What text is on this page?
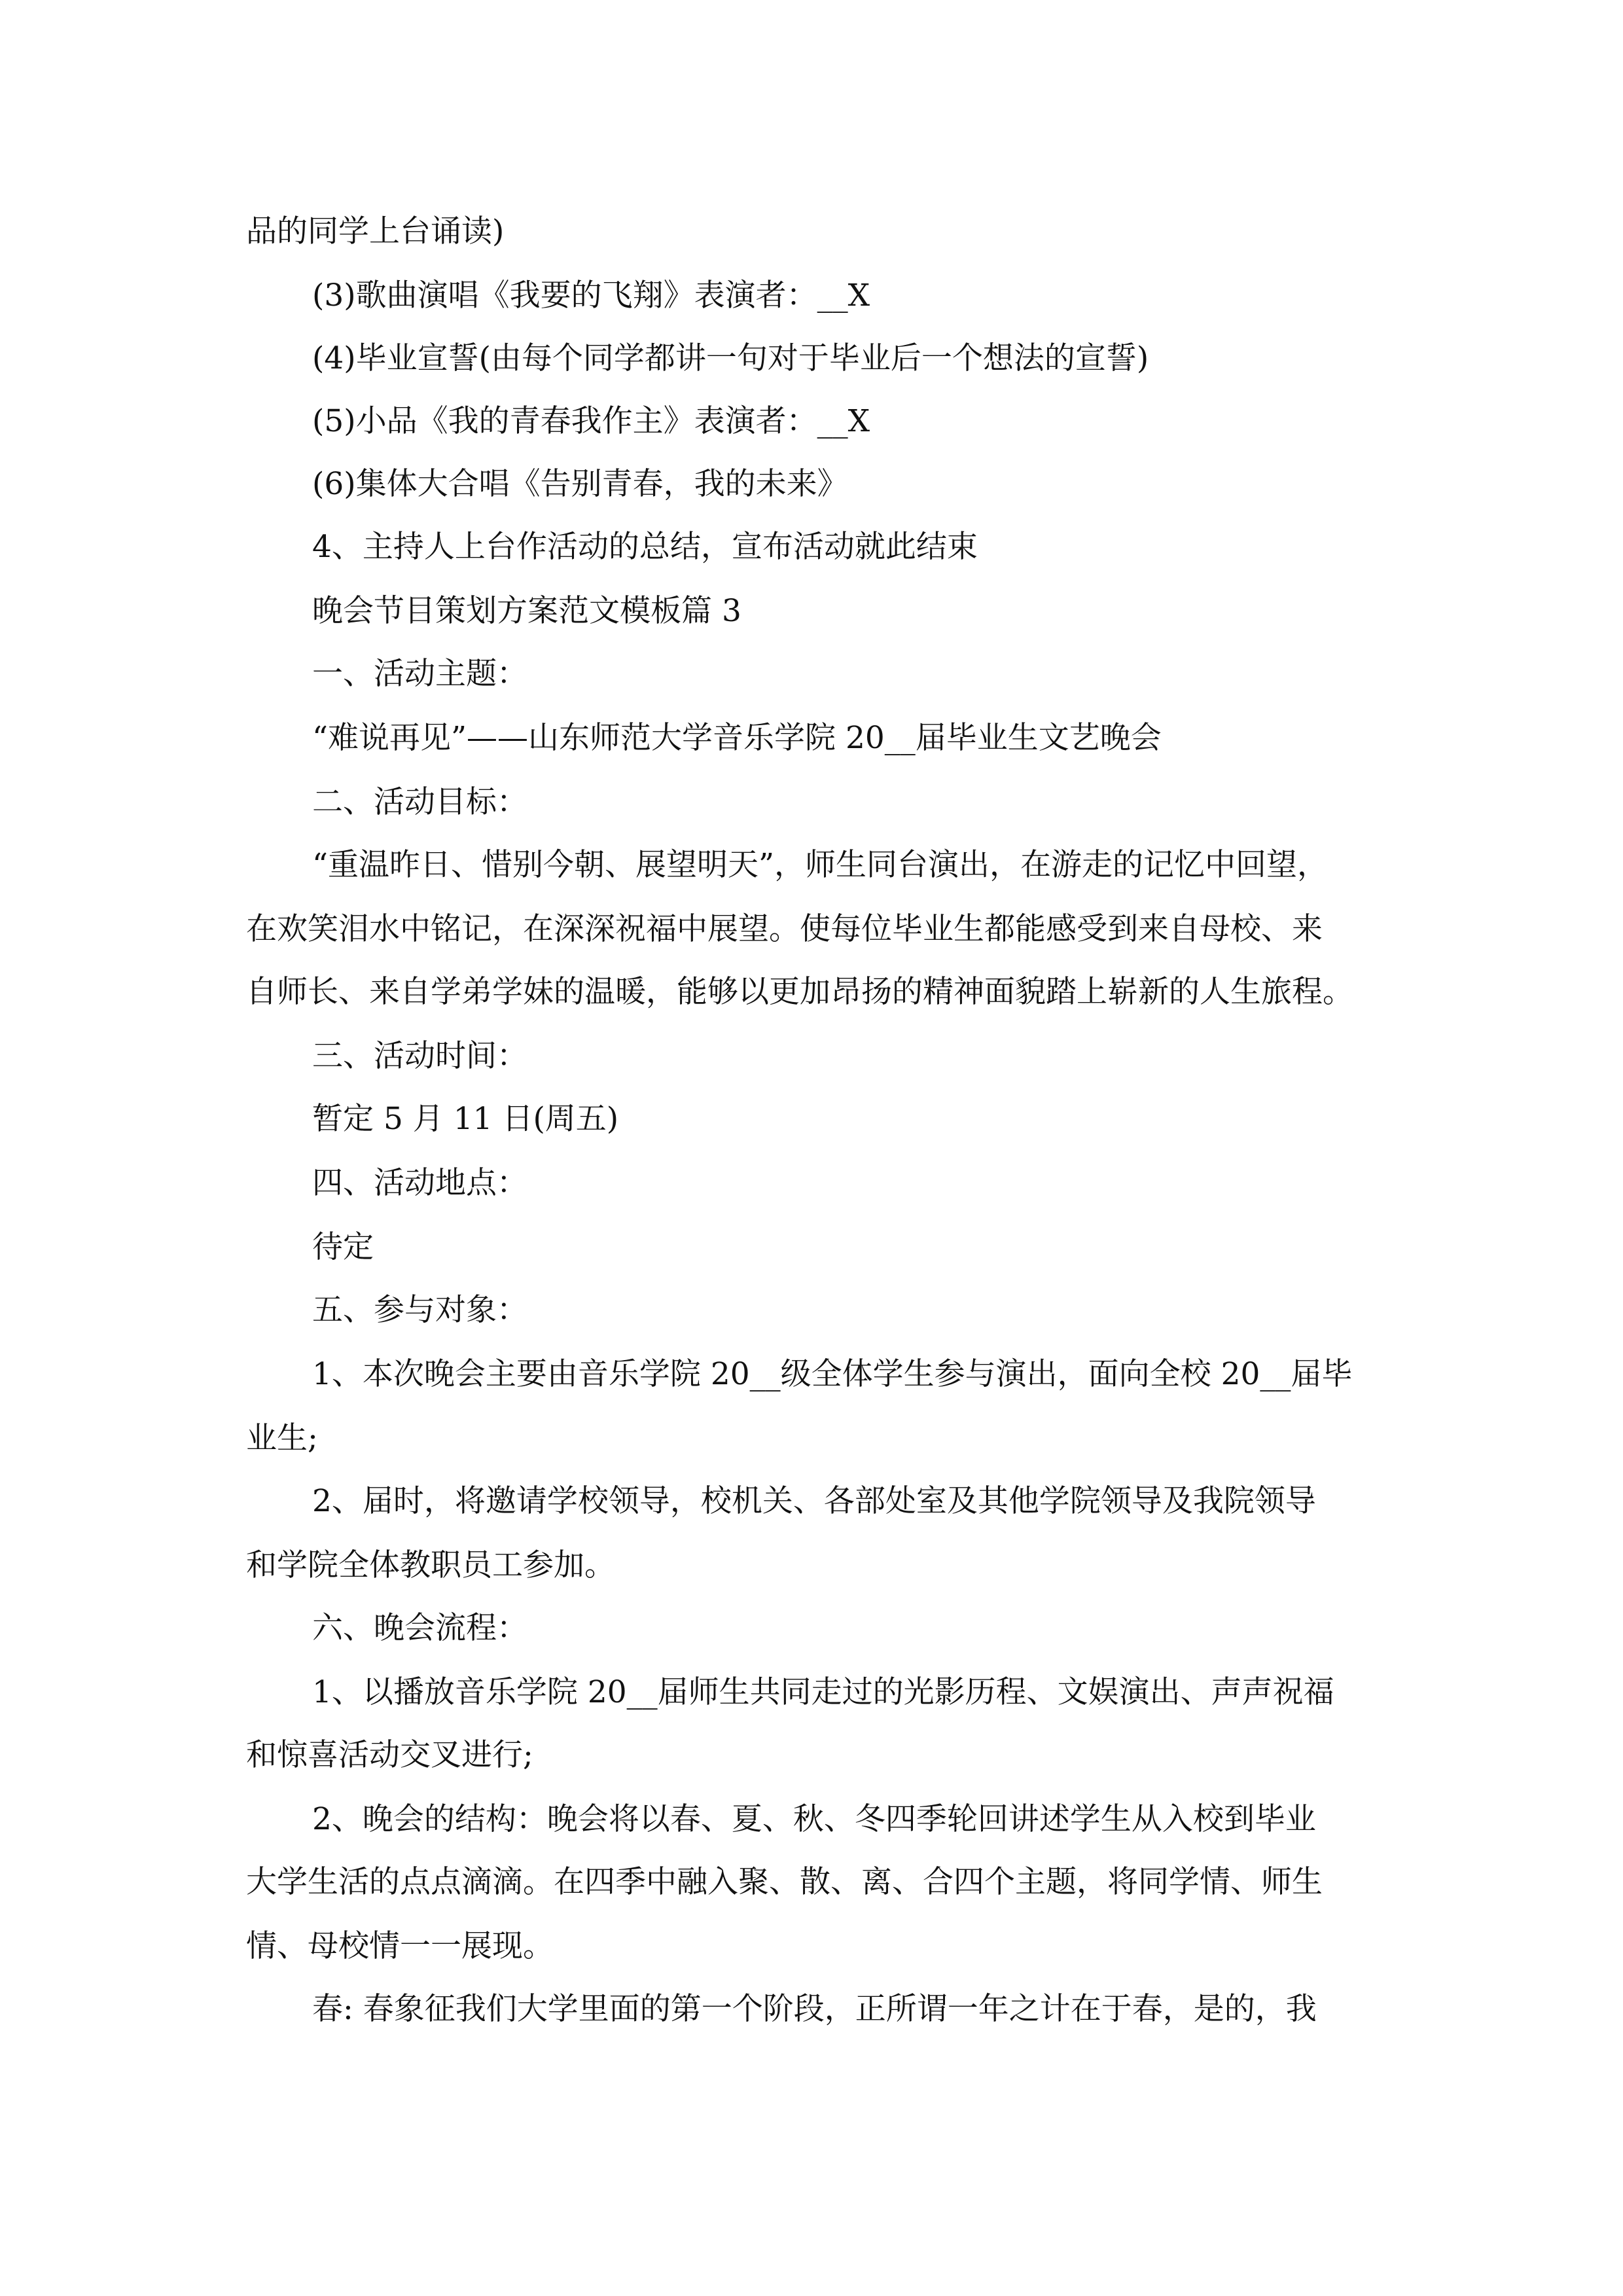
品的同学上台诵读)
(3)歌曲演唱《我要的飞翔》表演者：__X
(4)毕业宣誓(由每个同学都讲一句对于毕业后一个想法的宣誓)
(5)小品《我的青春我作主》表演者：__X
(6)集体大合唱《告别青春，我的未来》
4、主持人上台作活动的总结，宣布活动就此结束
晚会节目策划方案范文模板篇 3
一、活动主题：
“难说再见”——山东师范大学音乐学院 20__届毕业生文艺晚会
二、活动目标：
“重温昨日、惜别今朝、展望明天”，师生同台演出，在游走的记忆中回望，
在欢笑泪水中铭记，在深深祝福中展望。使每位毕业生都能感受到来自母校、来
自师长、来自学弟学妹的温暖，能够以更加昂扬的精神面貌踏上崭新的人生旅程。
三、活动时间：
暂定 5 月 11 日(周五)
四、活动地点：
待定
五、参与对象：
1、本次晚会主要由音乐学院 20__级全体学生参与演出，面向全校 20__届毕
业生;
2、届时，将邀请学校领导，校机关、各部处室及其他学院领导及我院领导
和学院全体教职员工参加。
六、晚会流程：
1、以播放音乐学院 20__届师生共同走过的光影历程、文娱演出、声声祝福
和惊喜活动交叉进行;
2、晚会的结构：晚会将以春、夏、秋、冬四季轮回讲述学生从入校到毕业
大学生活的点点滴滴。在四季中融入聚、散、离、合四个主题，将同学情、师生
情、母校情一一展现。
春: 春象征我们大学里面的第一个阶段，正所谓一年之计在于春，是的，我
